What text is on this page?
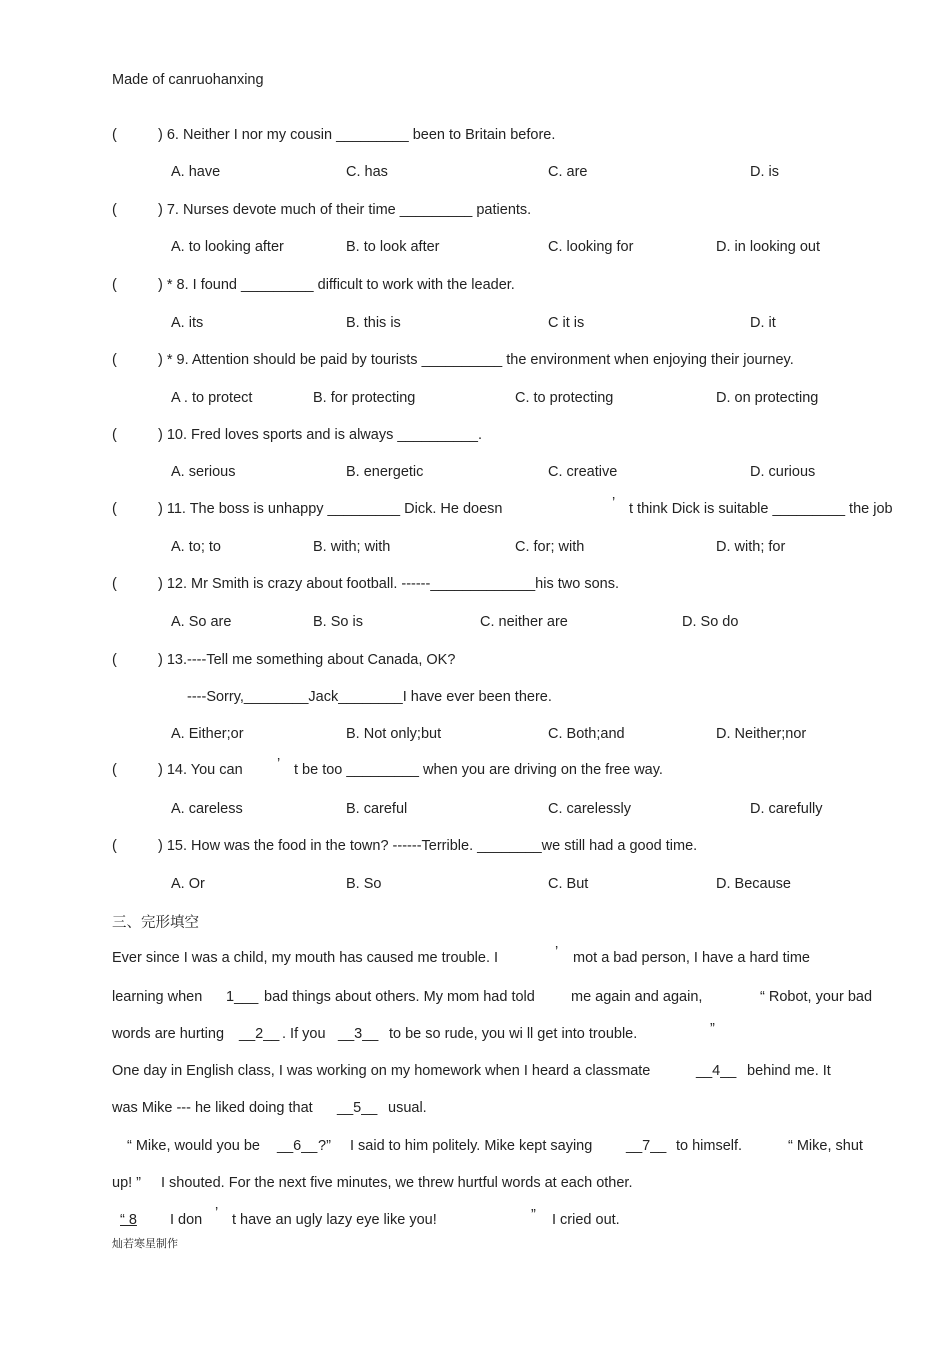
Made of canruohanxing
(	) 6. Neither I nor my cousin _________ been to Britain before.
A. have	C. has	C. are	D. is
(	) 7. Nurses devote much of their time _________ patients.
A. to looking after	B. to look after	C. looking for	D. in looking out
(	) * 8. I found _________ difficult to work with the leader.
A. its	B. this is	C it is	D. it
(	) * 9. Attention should be paid by tourists __________ the environment when enjoying their journey.
A . to protect	B. for protecting	C. to protecting	D. on protecting
(	) 10. Fred loves sports and is always __________.
A. serious	B. energetic	C. creative	D. curious
(	) 11. The boss is unhappy _________ Dick. He doesn	’ t think Dick is suitable _________ the job
A. to; to	B. with; with	C. for; with	D. with; for
(	) 12. Mr Smith is crazy about football. ------_____________his two sons.
A. So are	B. So is	C. neither are	D. So do
(	) 13.----Tell me something about Canada, OK?
----Sorry,________Jack________I have ever been there.
A. Either;or	B. Not only;but	C. Both;and	D. Neither;nor
(	) 14. You can ’ t be too _________ when you are driving on the free way.
A. careless	B. careful	C. carelessly	D. carefully
(	) 15. How was the food in the town? ------Terrible. ________we still had a good time.
A. Or	B. So	C. But	D. Because
三、完形填空
Ever since I was a child, my mouth has caused me trouble. I	’ mot a bad person, I have a hard time
learning when 1___ bad things about others. My mom had told me again and again,	“ Robot, your bad
words are hurting __2__ . If you __3__ to be so rude, you wi ll get into trouble.	”
One day in English class, I was working on my homework when I heard a classmate	__4__ behind me. It
was Mike --- he liked doing that __5__ usual.
“ Mike, would you be __6__ ?” I said to him politely. Mike kept saying __7__ to himself.	“ Mike, shut
up! ” I shouted. For the next five minutes, we threw hurtful words at each other.
“ 8 I don ’ t have an ugly lazy eye like you!	” I cried out.
灿若寒星制作
